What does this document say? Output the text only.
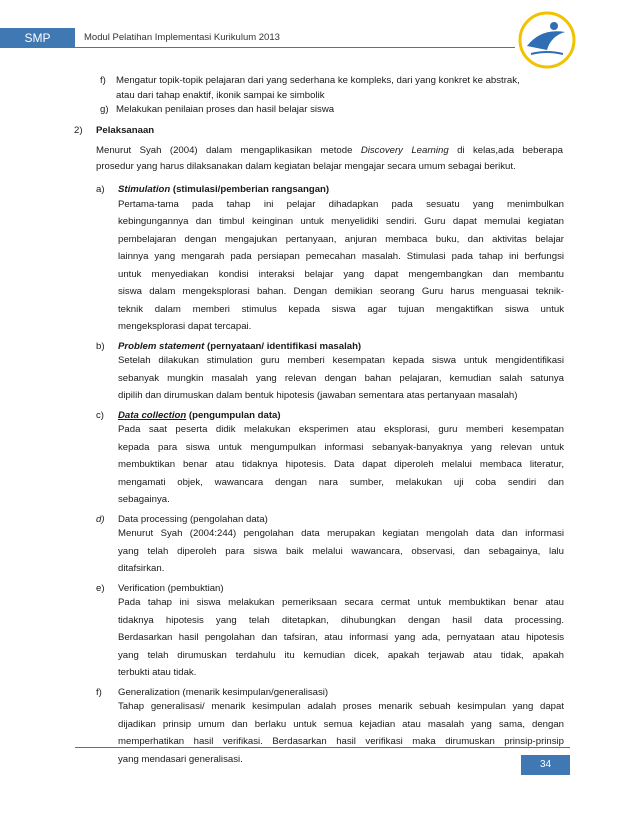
SMP	Modul Pelatihan Implementasi Kurikulum 2013
f) Mengatur topik-topik pelajaran dari yang sederhana ke kompleks, dari yang konkret ke abstrak,
atau dari tahap enaktif, ikonik sampai ke simbolik
g) Melakukan penilaian proses dan hasil belajar siswa
2) Pelaksanaan
Menurut Syah (2004) dalam mengaplikasikan metode Discovery Learning di kelas,ada beberapa
prosedur yang harus dilaksanakan dalam kegiatan belajar mengajar secara umum sebagai berikut.
a) Stimulation (stimulasi/pemberian rangsangan)
Pertama-tama pada tahap ini pelajar dihadapkan pada sesuatu yang menimbulkan
kebingungannya dan timbul keinginan untuk menyelidiki sendiri. Guru dapat memulai kegiatan
pembelajaran dengan mengajukan pertanyaan, anjuran membaca buku, dan aktivitas belajar
lainnya yang mengarah pada persiapan pemecahan masalah. Stimulasi pada tahap ini berfungsi
untuk menyediakan kondisi interaksi belajar yang dapat mengembangkan dan membantu
siswa dalam mengeksplorasi bahan. Dengan demikian seorang Guru harus menguasai teknik-
teknik dalam memberi stimulus kepada siswa agar tujuan mengaktifkan siswa untuk
mengeksplorasi dapat tercapai.
b) Problem statement (pernyataan/ identifikasi masalah)
Setelah dilakukan stimulation guru memberi kesempatan kepada siswa untuk mengidentifikasi
sebanyak mungkin masalah yang relevan dengan bahan pelajaran, kemudian salah satunya
dipilih dan dirumuskan dalam bentuk hipotesis (jawaban sementara atas pertanyaan masalah)
c) Data collection (pengumpulan data)
Pada saat peserta didik melakukan eksperimen atau eksplorasi, guru memberi kesempatan
kepada para siswa untuk mengumpulkan informasi sebanyak-banyaknya yang relevan untuk
membuktikan benar atau tidaknya hipotesis. Data dapat diperoleh melalui membaca literatur,
mengamati objek, wawancara dengan nara sumber, melakukan uji coba sendiri dan
sebagainya.
d) Data processing (pengolahan data)
Menurut Syah (2004:244) pengolahan data merupakan kegiatan mengolah data dan informasi
yang telah diperoleh para siswa baik melalui wawancara, observasi, dan sebagainya, lalu
ditafsirkan.
e) Verification (pembuktian)
Pada tahap ini siswa melakukan pemeriksaan secara cermat untuk membuktikan benar atau
tidaknya hipotesis yang telah ditetapkan, dihubungkan dengan hasil data processing.
Berdasarkan hasil pengolahan dan tafsiran, atau informasi yang ada, pernyataan atau hipotesis
yang telah dirumuskan terdahulu itu kemudian dicek, apakah terjawab atau tidak, apakah
terbukti atau tidak.
f) Generalization (menarik kesimpulan/generalisasi)
Tahap generalisasi/ menarik kesimpulan adalah proses menarik sebuah kesimpulan yang dapat
dijadikan prinsip umum dan berlaku untuk semua kejadian atau masalah yang sama, dengan
memperhatikan hasil verifikasi. Berdasarkan hasil verifikasi maka dirumuskan prinsip-prinsip
yang mendasari generalisasi.	34
